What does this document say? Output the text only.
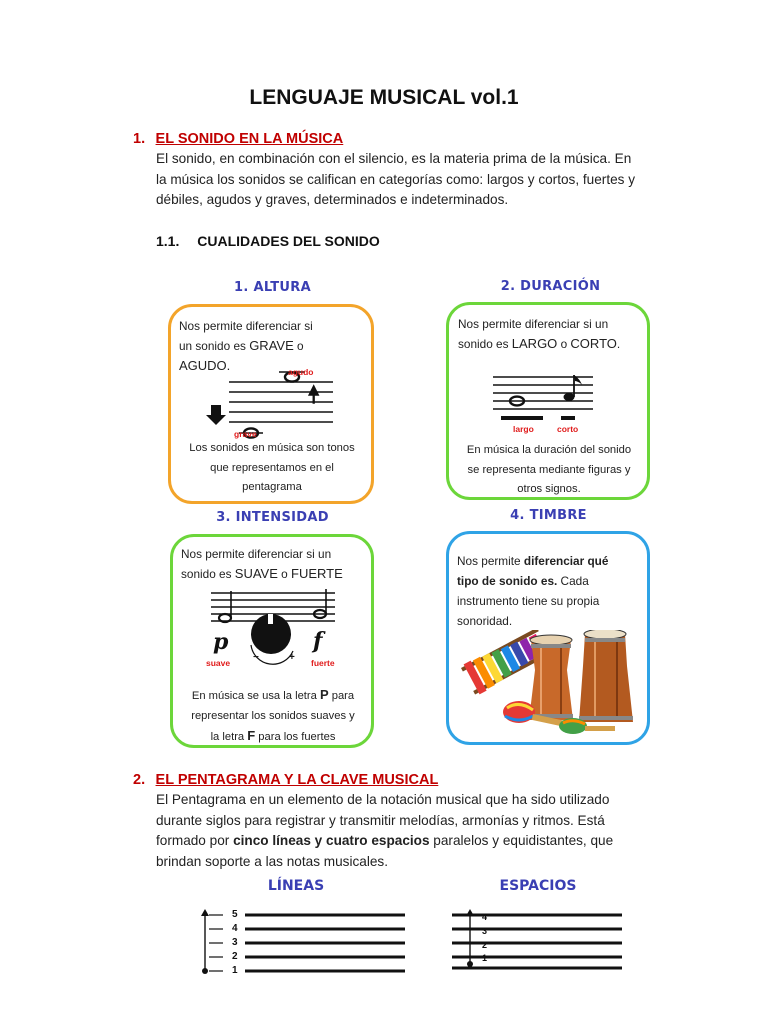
LENGUAJE MUSICAL vol.1
1. EL SONIDO EN LA MÚSICA
El sonido, en combinación con el silencio, es la materia prima de la música. En
la música los sonidos se califican en categorías como: largos y cortos, fuertes y
débiles, agudos y graves, determinados e indeterminados.
1.1. CUALIDADES DEL SONIDO
1. ALTURA
Nos permite diferenciar si
un sonido es GRAVE o
AGUDO.	agudo
grave
Los sonidos en música son tonos
que representamos en el
pentagrama
2. DURACIÓN
Nos permite diferenciar si un
sonido es LARGO o CORTO.
largo	corto
En música la duración del sonido
se representa mediante figuras y
otros signos.
3. INTENSIDAD
Nos permite diferenciar si un
sonido es SUAVE o FUERTE
p	f
−	+
suave	fuerte
En música se usa la letra P para
representar los sonidos suaves y
la letra F para los fuertes
4. TIMBRE
Nos permite diferenciar qué
tipo de sonido es. Cada
instrumento tiene su propia
sonoridad.
2. EL PENTAGRAMA Y LA CLAVE MUSICAL
El Pentagrama en un elemento de la notación musical que ha sido utilizado
durante siglos para registrar y transmitir melodías, armonías y ritmos. Está
formado por cinco líneas y cuatro espacios paralelos y equidistantes, que
brindan soporte a las notas musicales.
LÍNEAS	ESPACIOS
5
4
3
2
1
4
3
2
1
